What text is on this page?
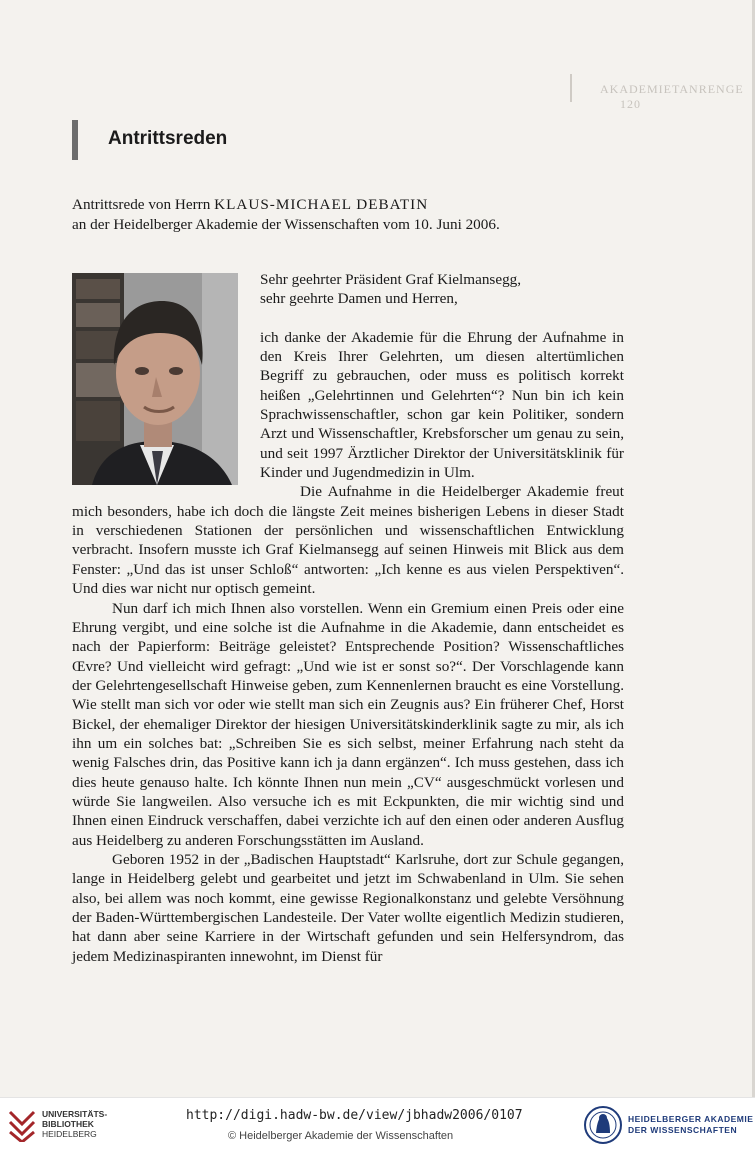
AKADEMIETANRENGE      120
Antrittsreden
Antrittsrede von Herrn KLAUS-MICHAEL DEBATIN
an der Heidelberger Akademie der Wissenschaften vom 10. Juni 2006.

Sehr geehrter Präsident Graf Kielmansegg,

sehr geehrte Damen und Herren,

ich danke der Akademie für die Ehrung der Aufnahme in den Kreis Ihrer Gelehrten, um diesen altertümlichen Begriff zu gebrauchen, oder muss es politisch korrekt heißen „Gelehrtinnen und Gelehrten“? Nun bin ich kein Sprachwissenschaftler, schon gar kein Politiker, sondern Arzt und Wissenschaftler, Krebsforscher um genau zu sein, und seit 1997 Ärztlicher Direktor der Universitätsklinik für Kinder und Jugendmedizin in Ulm.

Die Aufnahme in die Heidelberger Akademie freut mich besonders, habe ich doch die längste Zeit meines bisherigen Lebens in dieser Stadt in verschiedenen Stationen der persönlichen und wissenschaftlichen Entwicklung verbracht. Insofern musste ich Graf Kielmansegg auf seinen Hinweis mit Blick aus dem Fenster: „Und das ist unser Schloß“ antworten: „Ich kenne es aus vielen Perspektiven“. Und dies war nicht nur optisch gemeint.

Nun darf ich mich Ihnen also vorstellen. Wenn ein Gremium einen Preis oder eine Ehrung vergibt, und eine solche ist die Aufnahme in die Akademie, dann entscheidet es nach der Papierform: Beiträge geleistet? Entsprechende Position? Wissenschaftliches Œvre? Und vielleicht wird gefragt: „Und wie ist er sonst so?“. Der Vorschlagende kann der Gelehrtengesellschaft Hinweise geben, zum Kennenlernen braucht es eine Vorstellung. Wie stellt man sich vor oder wie stellt man sich ein Zeugnis aus? Ein früherer Chef, Horst Bickel, der ehemaliger Direktor der hiesigen Universitätskinderklinik sagte zu mir, als ich ihn um ein solches bat: „Schreiben Sie es sich selbst, meiner Erfahrung nach steht da wenig Falsches drin, das Positive kann ich ja dann ergänzen“. Ich muss gestehen, dass ich dies heute genauso halte. Ich könnte Ihnen nun mein „CV“ ausgeschmückt vorlesen und würde Sie langweilen. Also versuche ich es mit Eckpunkten, die mir wichtig sind und Ihnen einen Eindruck verschaffen, dabei verzichte ich auf den einen oder anderen Ausflug aus Heidelberg zu anderen Forschungsstätten im Ausland.

Geboren 1952 in der „Badischen Hauptstadt“ Karlsruhe, dort zur Schule gegangen, lange in Heidelberg gelebt und gearbeitet und jetzt im Schwabenland in Ulm. Sie sehen also, bei allem was noch kommt, eine gewisse Regionalkonstanz und gelebte Versöhnung der Baden-Württembergischen Landesteile. Der Vater wollte eigentlich Medizin studieren, hat dann aber seine Karriere in der Wirtschaft gefunden und sein Helfersyndrom, das jedem Medizinaspiranten innewohnt, im Dienst für

UNIVERSITÄTS-
BIBLIOTHEK
HEIDELBERG
http://digi.hadw-bw.de/view/jbhadw2006/0107
© Heidelberger Akademie der Wissenschaften
HEIDELBERGER AKADEMIE
DER WISSENSCHAFTEN
